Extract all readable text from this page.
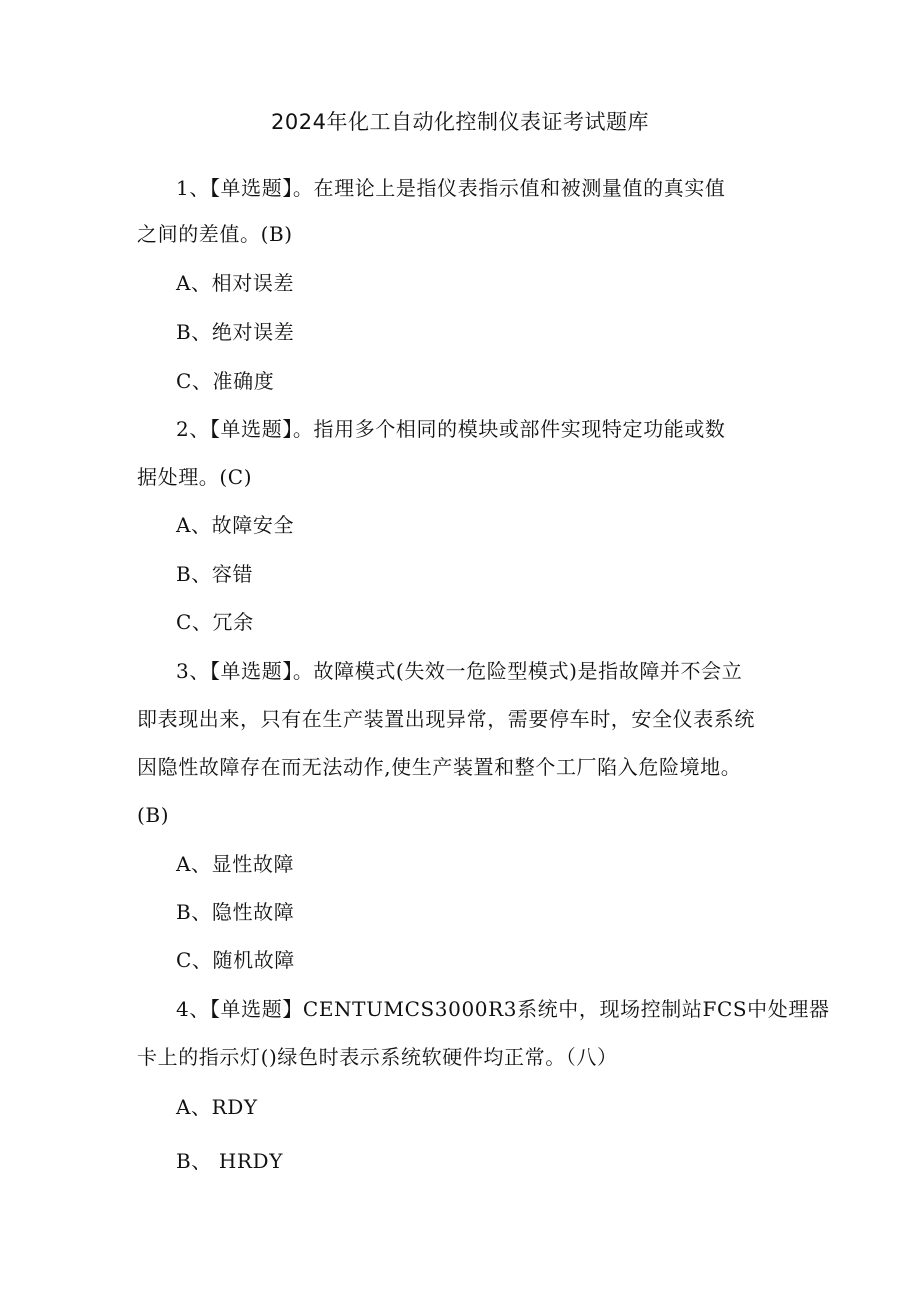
2024年化工自动化控制仪表证考试题库
1、【单选题】。在理论上是指仪表指示值和被测量值的真实值
之间的差值。(B)
A、相对误差
B、绝对误差
C、准确度
2、【单选题】。指用多个相同的模块或部件实现特定功能或数
据处理。(C)
A、故障安全
B、容错
C、冗余
3、【单选题】。故障模式(失效一危险型模式)是指故障并不会立
即表现出来，只有在生产装置出现异常，需要停车时，安全仪表系统
因隐性故障存在而无法动作,使生产装置和整个工厂陷入危险境地。
(B)
A、显性故障
B、隐性故障
C、随机故障
4、【单选题】CENTUMCS3000R3系统中，现场控制站FCS中处理器
卡上的指示灯()绿色时表示系统软硬件均正常。（八）
A、RDY
B、 HRDY
